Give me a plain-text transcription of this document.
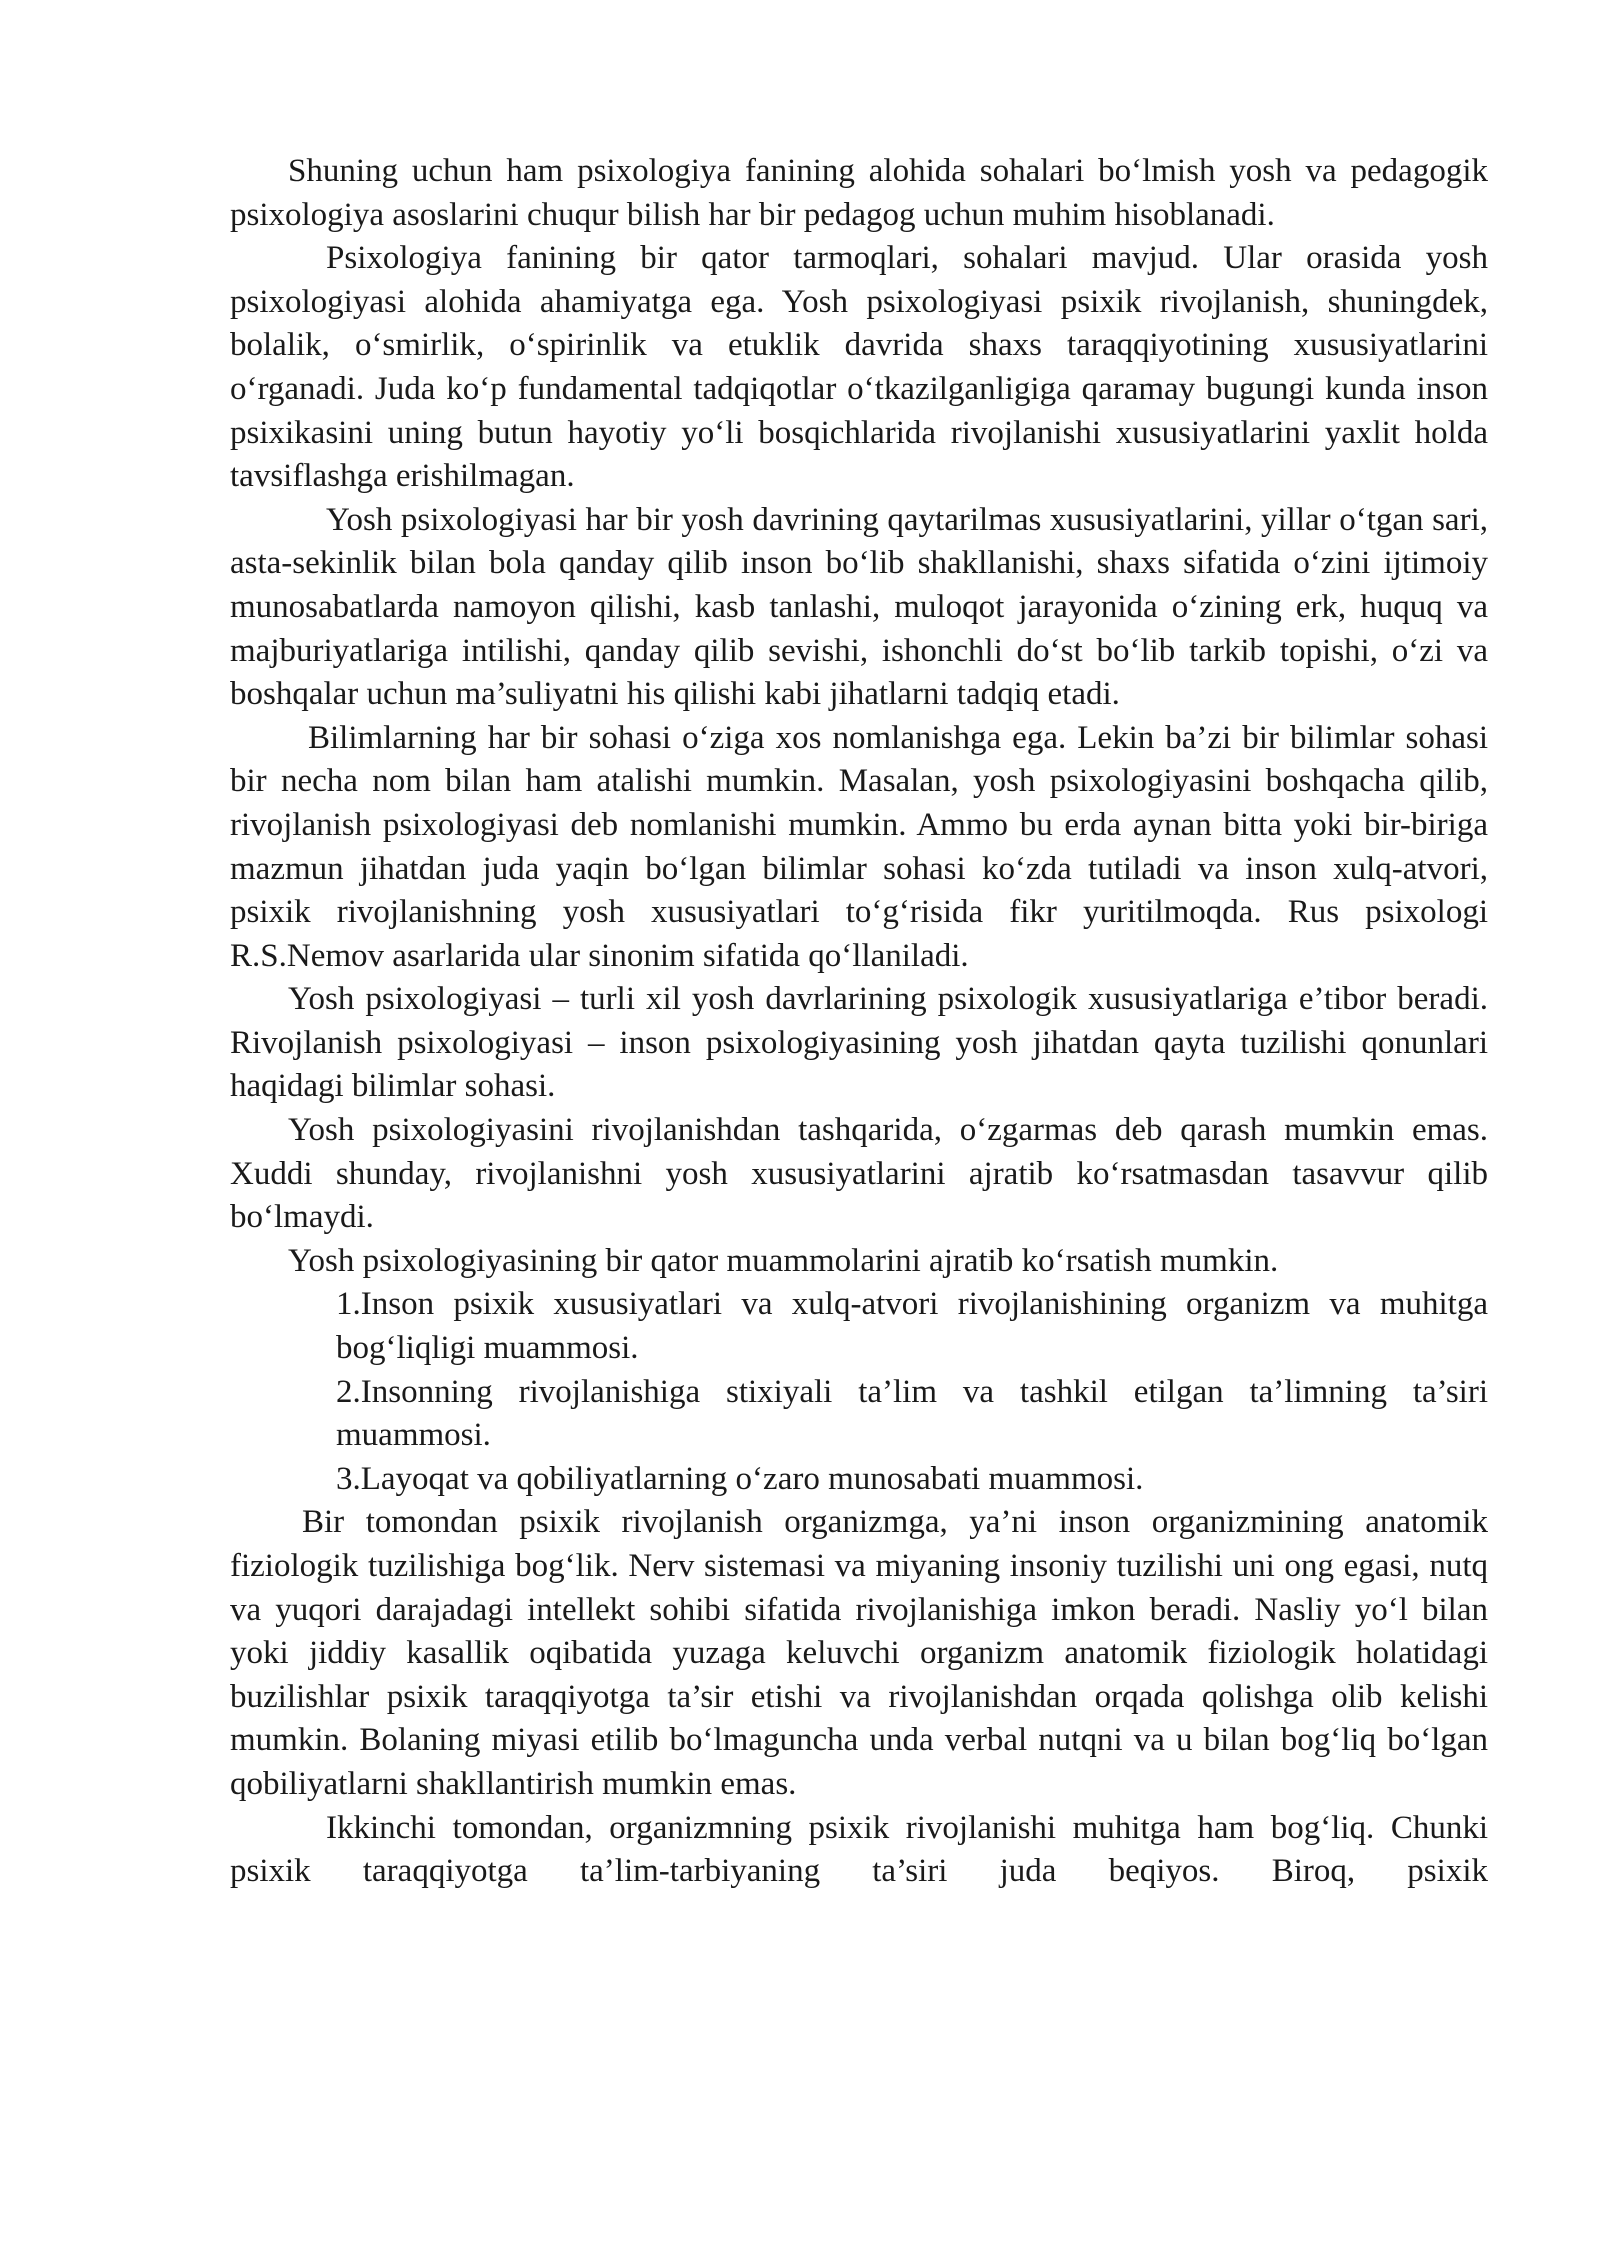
Shuning uchun ham psixologiya fanining alohida sohalari bo‘lmish yosh va pedagogik psixologiya asoslarini chuqur bilish har bir pedagog uchun muhim hisoblanadi.

Psixologiya fanining bir qator tarmoqlari, sohalari mavjud. Ular orasida yosh psixologiyasi alohida ahamiyatga ega. Yosh psixologiyasi psixik rivojlanish, shuningdek, bolalik, o‘smirlik, o‘spirinlik va etuklik davrida shaxs taraqqiyotining xususiyatlarini o‘rganadi. Juda ko‘p fundamental tadqiqotlar o‘tkazilganligiga qaramay bugungi kunda inson psixikasini uning butun hayotiy yo‘li bosqichlarida rivojlanishi xususiyatlarini yaxlit holda tavsiflashga erishilmagan.

Yosh psixologiyasi har bir yosh davrining qaytarilmas xususiyatlarini, yillar o‘tgan sari, asta-sekinlik bilan bola qanday qilib inson bo‘lib shakllanishi, shaxs sifatida o‘zini ijtimoiy munosabatlarda namoyon qilishi, kasb tanlashi, muloqot jarayonida o‘zining erk, huquq va majburiyatlariga intilishi, qanday qilib sevishi, ishonchli do‘st bo‘lib tarkib topishi, o‘zi va boshqalar uchun ma’suliyatni his qilishi kabi jihatlarni tadqiq etadi.

Bilimlarning har bir sohasi o‘ziga xos nomlanishga ega. Lekin ba’zi bir bilimlar sohasi bir necha nom bilan ham atalishi mumkin. Masalan, yosh psixologiyasini boshqacha qilib, rivojlanish psixologiyasi deb nomlanishi mumkin. Ammo bu erda aynan bitta yoki bir-biriga mazmun jihatdan juda yaqin bo‘lgan bilimlar sohasi ko‘zda tutiladi va inson xulq-atvori, psixik rivojlanishning yosh xususiyatlari to‘g‘risida fikr yuritilmoqda. Rus psixologi R.S.Nemov asarlarida ular sinonim sifatida qo‘llaniladi.

Yosh psixologiyasi – turli xil yosh davrlarining psixologik xususiyatlariga e’tibor beradi. Rivojlanish psixologiyasi – inson psixologiyasining yosh jihatdan qayta tuzilishi qonunlari haqidagi bilimlar sohasi.

Yosh psixologiyasini rivojlanishdan tashqarida, o‘zgarmas deb qarash mumkin emas. Xuddi shunday, rivojlanishni yosh xususiyatlarini ajratib ko‘rsatmasdan tasavvur qilib bo‘lmaydi.

Yosh psixologiyasining bir qator muammolarini ajratib ko‘rsatish mumkin.

1.Inson psixik xususiyatlari va xulq-atvori rivojlanishining organizm va muhitga bog‘liqligi muammosi.

2.Insonning rivojlanishiga stixiyali ta’lim va tashkil etilgan ta’limning ta’siri muammosi.

3.Layoqat va qobiliyatlarning o‘zaro munosabati muammosi.

Bir tomondan psixik rivojlanish organizmga, ya’ni inson organizmining anatomik fiziologik tuzilishiga bog‘lik. Nerv sistemasi va miyaning insoniy tuzilishi uni ong egasi, nutq va yuqori darajadagi intellekt sohibi sifatida rivojlanishiga imkon beradi. Nasliy yo‘l bilan yoki jiddiy kasallik oqibatida yuzaga keluvchi organizm anatomik fiziologik holatidagi buzilishlar psixik taraqqiyotga ta’sir etishi va rivojlanishdan orqada qolishga olib kelishi mumkin. Bolaning miyasi etilib bo‘lmaguncha unda verbal nutqni va u bilan bog‘liq bo‘lgan qobiliyatlarni shakllantirish mumkin emas.

Ikkinchi tomondan, organizmning psixik rivojlanishi muhitga ham bog‘liq. Chunki psixik taraqqiyotga ta’lim-tarbiyaning ta’siri juda beqiyos. Biroq, psixik
